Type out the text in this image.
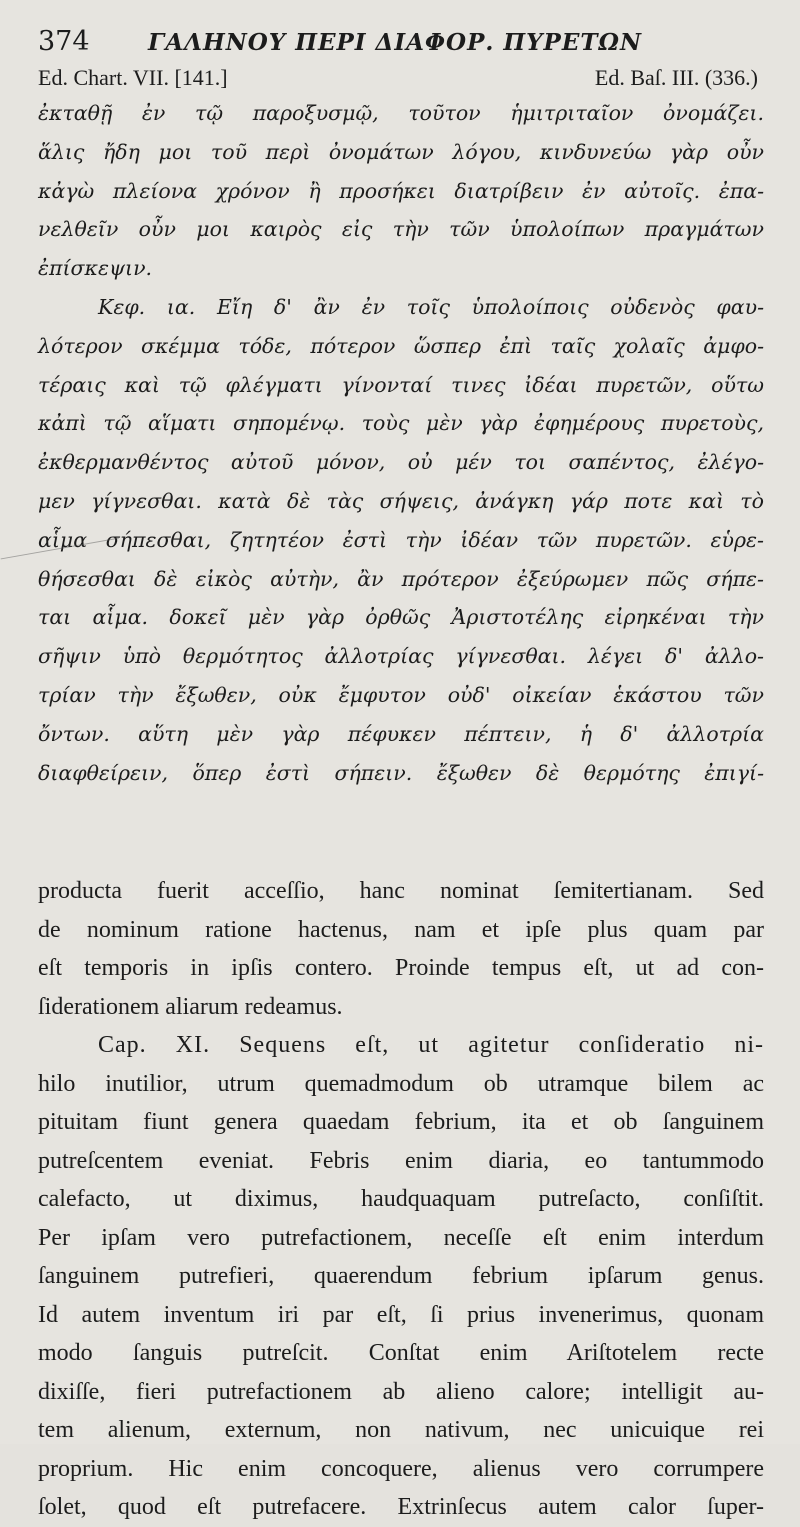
374	ΓΑΛΗΝΟΥ ΠΕΡΙ ΔΙΑΦΟΡ. ΠΥΡΕΤΩΝ
Ed. Chart. VII. [141.]	Ed. Baſ. III. (336.)

ἐκταθῇ ἐν τῷ παροξυσμῷ, τοῦτον ἡμιτριταῖον ὀνομάζει.
ἅλις ἤδη μοι τοῦ περὶ ὀνομάτων λόγου, κινδυνεύω γὰρ οὖν
κἀγὼ πλείονα χρόνον ἢ προσήκει διατρίβειν ἐν αὐτοῖς. ἐπα-
νελθεῖν οὖν μοι καιρὸς εἰς τὴν τῶν ὑπολοίπων πραγμάτων
ἐπίσκεψιν.

Κεφ. ια. Εἴη δ' ἂν ἐν τοῖς ὑπολοίποις οὐδενὸς φαυ-
λότερον σκέμμα τόδε, πότερον ὥσπερ ἐπὶ ταῖς χολαῖς ἀμφο-
τέραις καὶ τῷ φλέγματι γίνονταί τινες ἰδέαι πυρετῶν, οὕτω
κἀπὶ τῷ αἵματι σηπομένῳ. τοὺς μὲν γὰρ ἐφημέρους πυρετοὺς,
ἐκθερμανθέντος αὐτοῦ μόνον, οὐ μέν τοι σαπέντος, ἐλέγο-
μεν γίγνεσθαι. κατὰ δὲ τὰς σήψεις, ἀνάγκη γάρ ποτε καὶ τὸ
αἷμα σήπεσθαι, ζητητέον ἐστὶ τὴν ἰδέαν τῶν πυρετῶν. εὑρε-
θήσεσθαι δὲ εἰκὸς αὐτὴν, ἂν πρότερον ἐξεύρωμεν πῶς σήπε-
ται αἷμα. δοκεῖ μὲν γὰρ ὀρθῶς Ἀριστοτέλης εἰρηκέναι τὴν
σῆψιν ὑπὸ θερμότητος ἀλλοτρίας γίγνεσθαι. λέγει δ' ἀλλο-
τρίαν τὴν ἔξωθεν, οὐκ ἔμφυτον οὐδ' οἰκείαν ἑκάστου τῶν
ὄντων. αὕτη μὲν γὰρ πέφυκεν πέπτειν, ἡ δ' ἀλλοτρία
διαφθείρειν, ὅπερ ἐστὶ σήπειν. ἔξωθεν δὲ θερμότης ἐπιγί-

producta fuerit acceſſio, hanc nominat ſemitertianam. Sed
de nominum ratione hactenus, nam et ipſe plus quam par
eſt temporis in ipſis contero. Proinde tempus eſt, ut ad con-
ſiderationem aliarum redeamus.

Cap. XI. Sequens eſt, ut agitetur conſideratio ni-
hilo inutilior, utrum quemadmodum ob utramque bilem ac
pituitam fiunt genera quaedam febrium, ita et ob ſanguinem
putreſcentem eveniat. Febris enim diaria, eo tantummodo
calefacto, ut diximus, haudquaquam putreſacto, conſiſtit.
Per ipſam vero putrefactionem, neceſſe eſt enim interdum
ſanguinem putrefieri, quaerendum febrium ipſarum genus.
Id autem inventum iri par eſt, ſi prius invenerimus, quonam
modo ſanguis putreſcit. Conſtat enim Ariſtotelem recte
dixiſſe, fieri putrefactionem ab alieno calore; intelligit au-
tem alienum, externum, non nativum, nec unicuique rei
proprium. Hic enim concoquere, alienus vero corrumpere
ſolet, quod eſt putrefacere. Extrinſecus autem calor ſuper-
